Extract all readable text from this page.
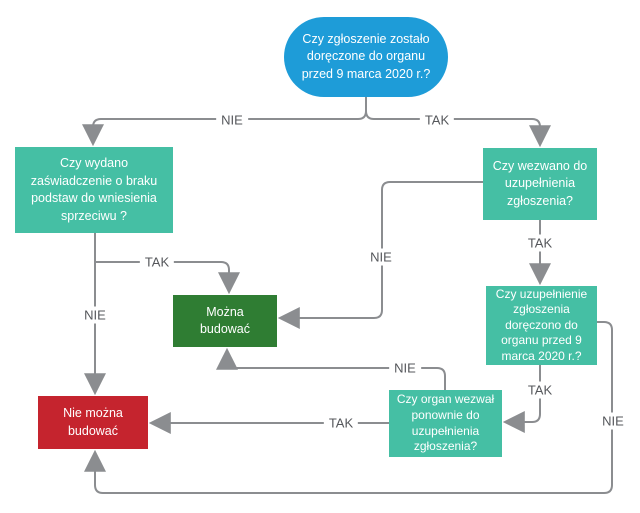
Czy zgłoszenie zostało doręczone do organu przed 9 marca 2020 r.?
Czy wydano zaświadczenie o braku podstaw do wniesienia sprzeciwu ?
Czy wezwano do uzupełnienia zgłoszenia?
Można budować
Czy uzupełnienie zgłoszenia doręczono do organu przed 9 marca 2020 r.?
Czy organ wezwał ponownie do uzupełnienia zgłoszenia?
Nie można budować
NIE	TAK
TAK
NIE
NIE
TAK
TAK
NIE
TAK
NIE
